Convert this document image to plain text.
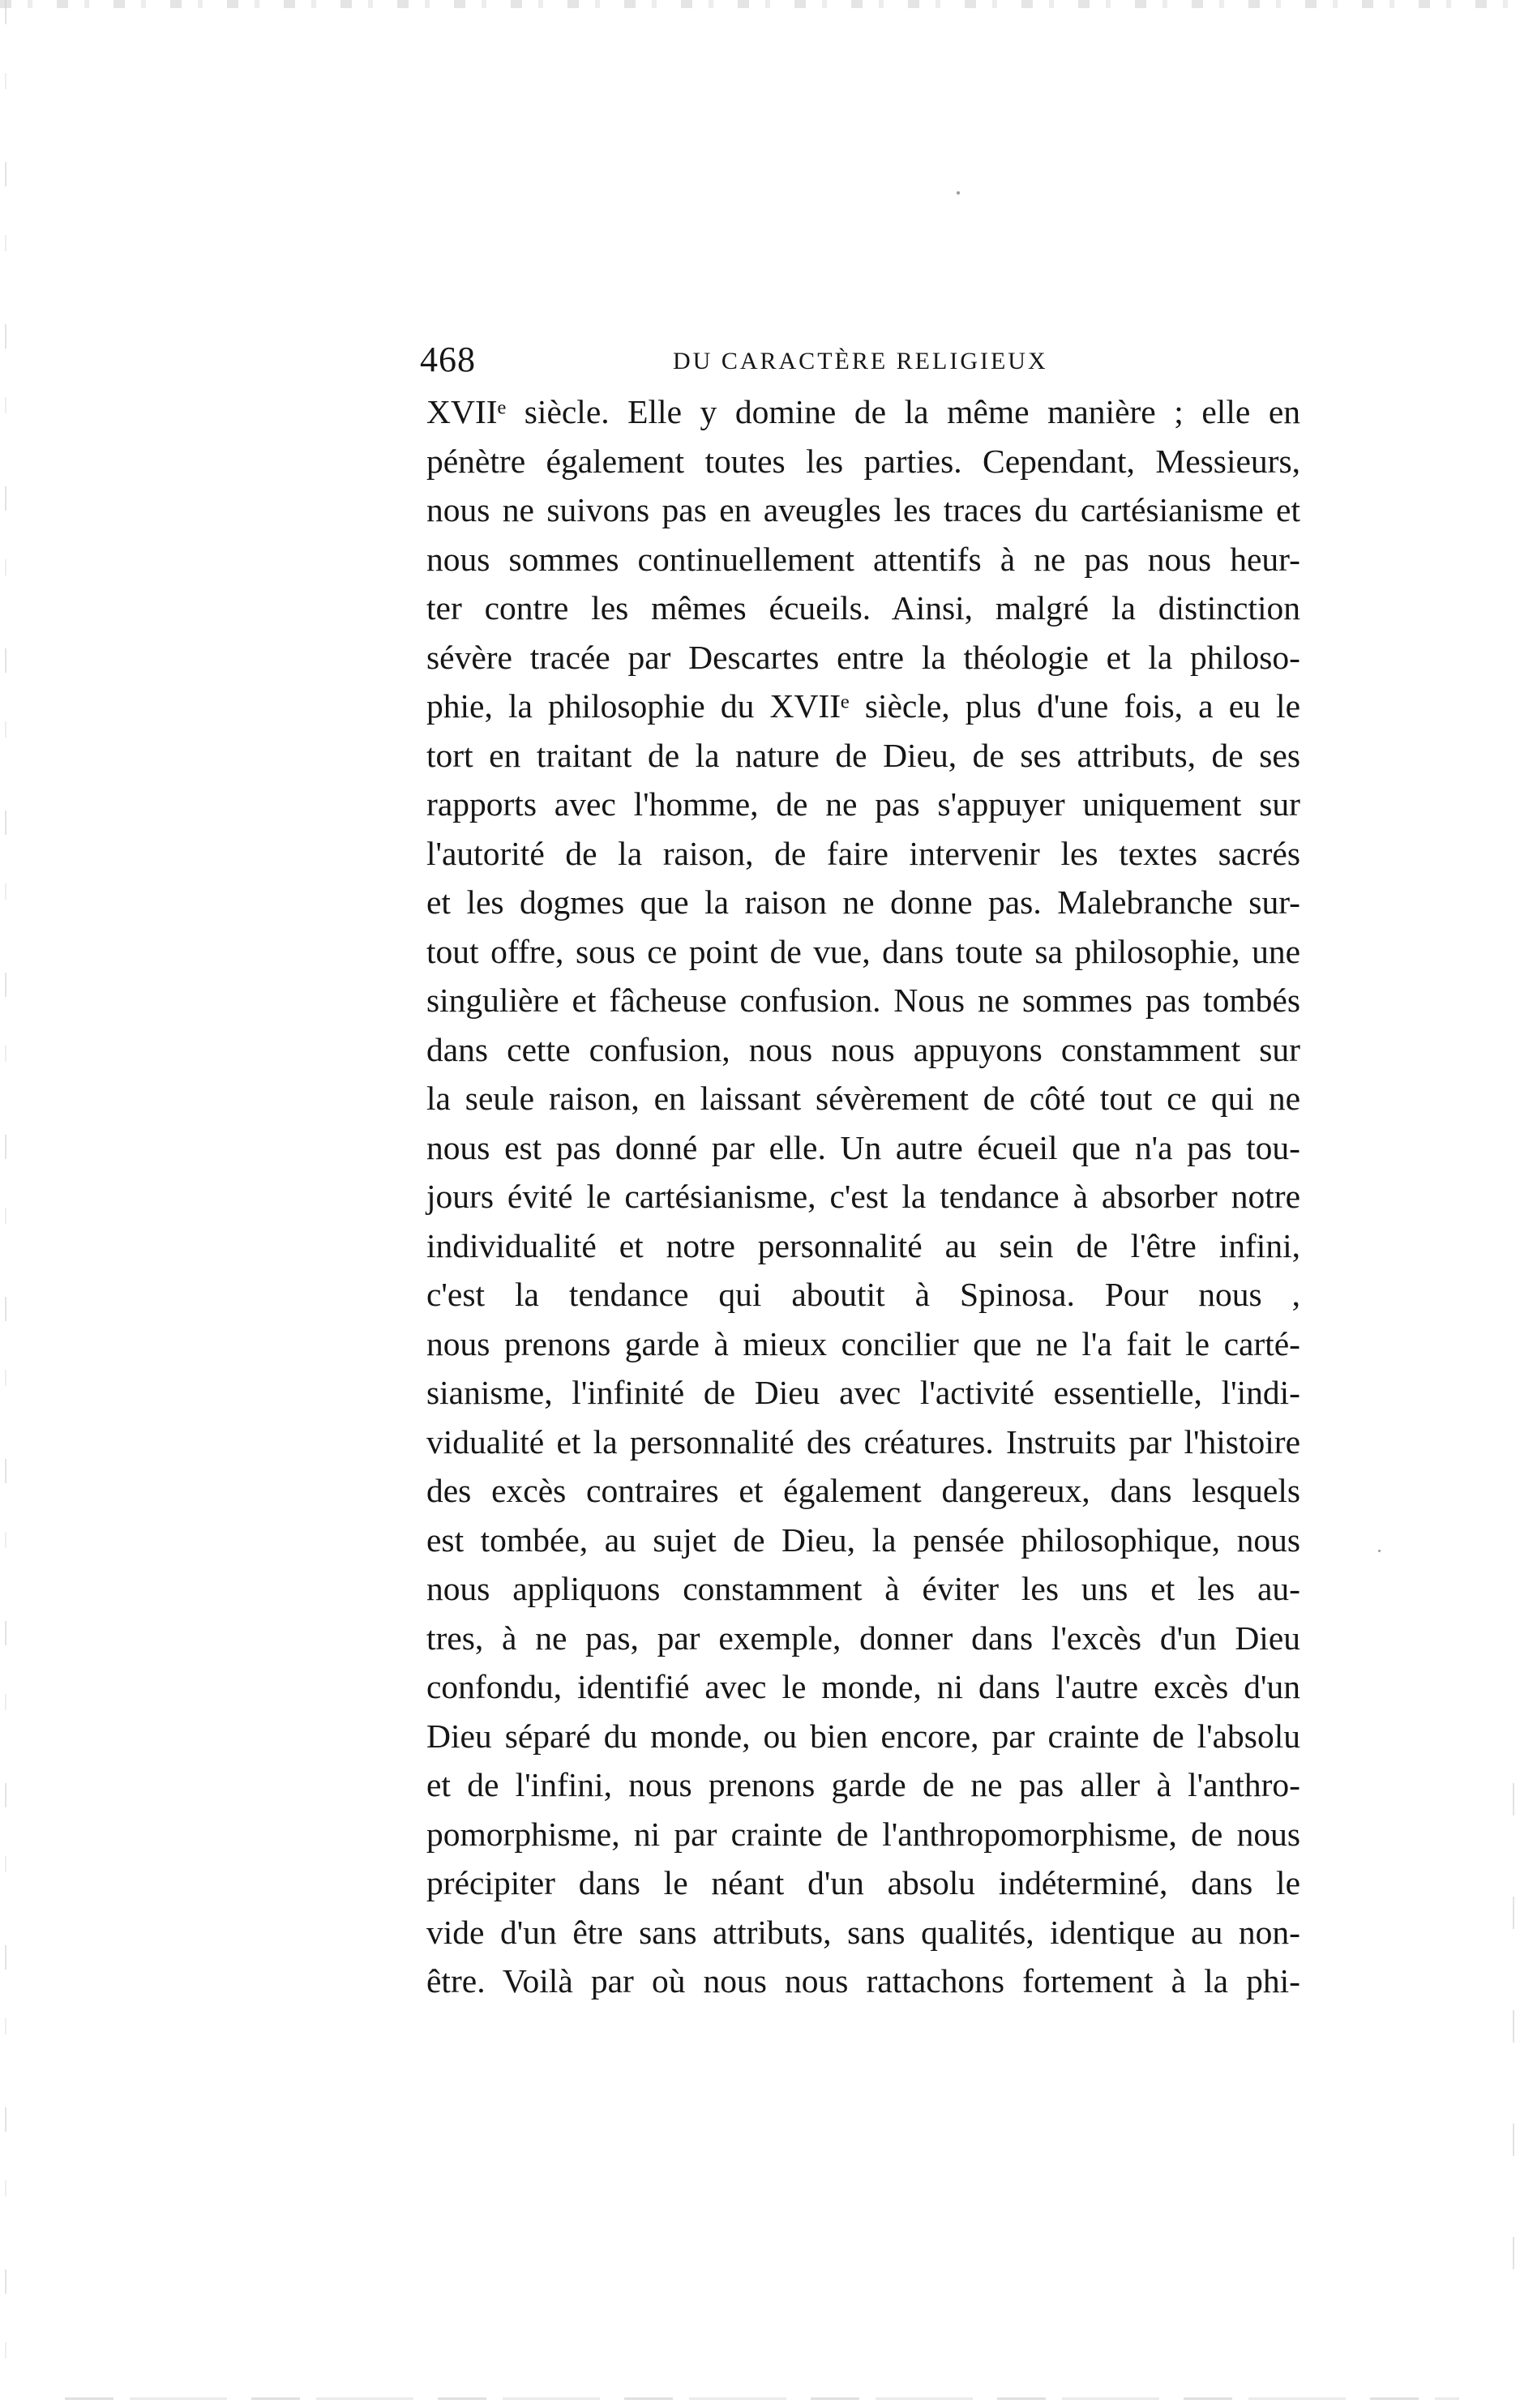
468	DU CARACTÈRE RELIGIEUX
XVIIᵉ siècle. Elle y domine de la même manière ; elle en
pénètre également toutes les parties. Cependant, Messieurs,
nous ne suivons pas en aveugles les traces du cartésianisme et
nous sommes continuellement attentifs à ne pas nous heur-
ter contre les mêmes écueils. Ainsi, malgré la distinction
sévère tracée par Descartes entre la théologie et la philoso-
phie, la philosophie du XVIIᵉ siècle, plus d'une fois, a eu le
tort en traitant de la nature de Dieu, de ses attributs, de ses
rapports avec l'homme, de ne pas s'appuyer uniquement sur
l'autorité de la raison, de faire intervenir les textes sacrés
et les dogmes que la raison ne donne pas. Malebranche sur-
tout offre, sous ce point de vue, dans toute sa philosophie, une
singulière et fâcheuse confusion. Nous ne sommes pas tombés
dans cette confusion, nous nous appuyons constamment sur
la seule raison, en laissant sévèrement de côté tout ce qui ne
nous est pas donné par elle. Un autre écueil que n'a pas tou-
jours évité le cartésianisme, c'est la tendance à absorber notre
individualité et notre personnalité au sein de l'être infini,
c'est la tendance qui aboutit à Spinosa. Pour nous ,
nous prenons garde à mieux concilier que ne l'a fait le carté-
sianisme, l'infinité de Dieu avec l'activité essentielle, l'indi-
vidualité et la personnalité des créatures. Instruits par l'histoire
des excès contraires et également dangereux, dans lesquels
est tombée, au sujet de Dieu, la pensée philosophique, nous
nous appliquons constamment à éviter les uns et les au-
tres, à ne pas, par exemple, donner dans l'excès d'un Dieu
confondu, identifié avec le monde, ni dans l'autre excès d'un
Dieu séparé du monde, ou bien encore, par crainte de l'absolu
et de l'infini, nous prenons garde de ne pas aller à l'anthro-
pomorphisme, ni par crainte de l'anthropomorphisme, de nous
précipiter dans le néant d'un absolu indéterminé, dans le
vide d'un être sans attributs, sans qualités, identique au non-
être. Voilà par où nous nous rattachons fortement à la phi-
